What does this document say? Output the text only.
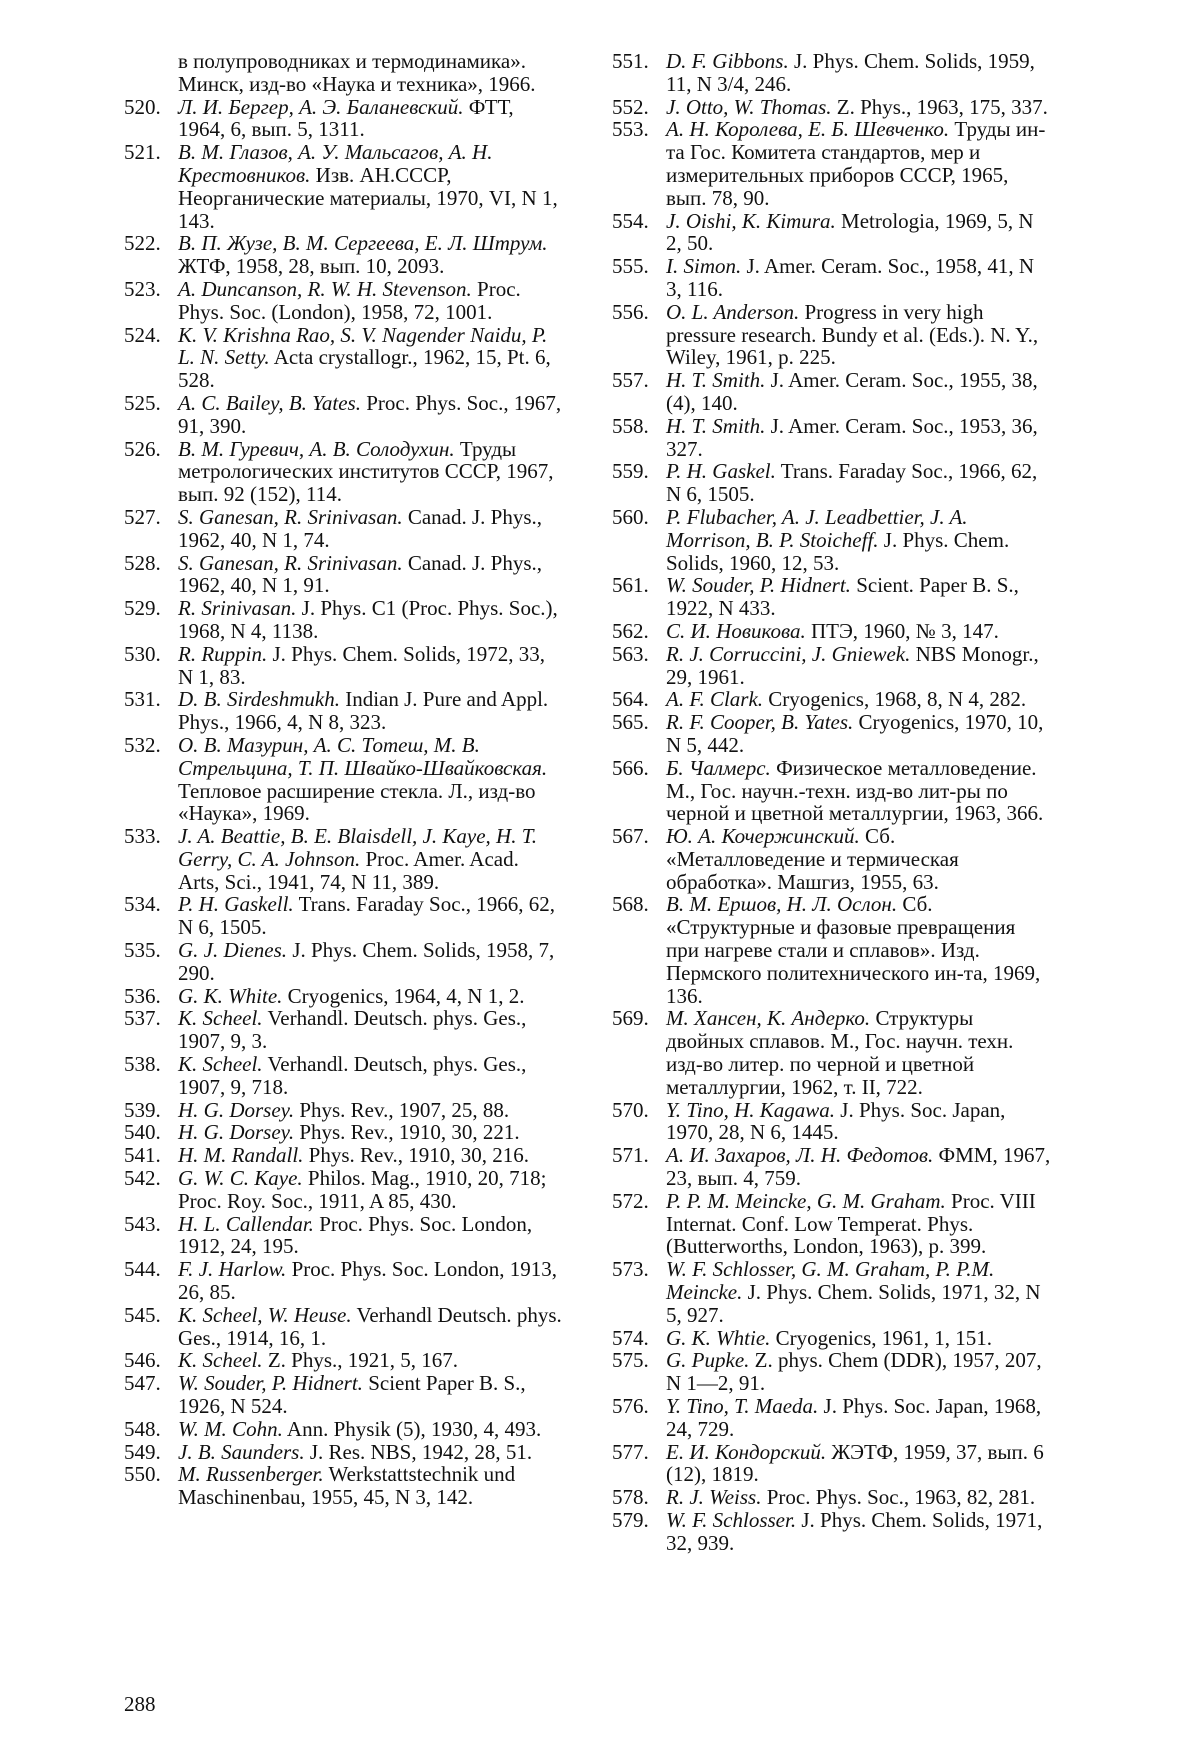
в полупроводниках и термодинамика». Минск, изд-во «Наука и техника», 1966.
520. Л. И. Бергер, А. Э. Баланевский. ФТТ, 1964, 6, вып. 5, 1311.
521. В. М. Глазов, А. У. Мальсагов, А. Н. Крестовников. Изв. АН.СССР, Неорганические материалы, 1970, VI, N 1, 143.
522. В. П. Жузе, В. М. Сергеева, Е. Л. Штрум. ЖТФ, 1958, 28, вып. 10, 2093.
523. A. Duncanson, R. W. H. Stevenson. Proc. Phys. Soc. (London), 1958, 72, 1001.
524. K. V. Krishna Rao, S. V. Nagender Naidu, P. L. N. Setty. Acta crystallogr., 1962, 15, Pt. 6, 528.
525. A. C. Bailey, B. Yates. Proc. Phys. Soc., 1967, 91, 390.
526. В. М. Гуревич, А. В. Солодухин. Труды метрологических институтов СССР, 1967, вып. 92 (152), 114.
527. S. Ganesan, R. Srinivasan. Canad. J. Phys., 1962, 40, N 1, 74.
528. S. Ganesan, R. Srinivasan. Canad. J. Phys., 1962, 40, N 1, 91.
529. R. Srinivasan. J. Phys. C1 (Proc. Phys. Soc.), 1968, N 4, 1138.
530. R. Ruppin. J. Phys. Chem. Solids, 1972, 33, N 1, 83.
531. D. B. Sirdeshmukh. Indian J. Pure and Appl. Phys., 1966, 4, N 8, 323.
532. О. В. Мазурин, А. С. Тотеш, М. В. Стрельцина, Т. П. Швайко-Швайковская. Тепловое расширение стекла. Л., изд-во «Наука», 1969.
533. J. A. Beattie, B. E. Blaisdell, J. Kaye, H. T. Gerry, C. A. Johnson. Proc. Amer. Acad. Arts, Sci., 1941, 74, N 11, 389.
534. P. H. Gaskell. Trans. Faraday Soc., 1966, 62, N 6, 1505.
535. G. J. Dienes. J. Phys. Chem. Solids, 1958, 7, 290.
536. G. K. White. Cryogenics, 1964, 4, N 1, 2.
537. K. Scheel. Verhandl. Deutsch. phys. Ges., 1907, 9, 3.
538. K. Scheel. Verhandl. Deutsch, phys. Ges., 1907, 9, 718.
539. H. G. Dorsey. Phys. Rev., 1907, 25, 88.
540. H. G. Dorsey. Phys. Rev., 1910, 30, 221.
541. H. M. Randall. Phys. Rev., 1910, 30, 216.
542. G. W. C. Kaye. Philos. Mag., 1910, 20, 718; Proc. Roy. Soc., 1911, A 85, 430.
543. H. L. Callendar. Proc. Phys. Soc. London, 1912, 24, 195.
544. F. J. Harlow. Proc. Phys. Soc. London, 1913, 26, 85.
545. K. Scheel, W. Heuse. Verhandl Deutsch. phys. Ges., 1914, 16, 1.
546. K. Scheel. Z. Phys., 1921, 5, 167.
547. W. Souder, P. Hidnert. Scient Paper B. S., 1926, N 524.
548. W. M. Cohn. Ann. Physik (5), 1930, 4, 493.
549. J. B. Saunders. J. Res. NBS, 1942, 28, 51.
550. M. Russenberger. Werkstattstechnik und Maschinenbau, 1955, 45, N 3, 142.
551. D. F. Gibbons. J. Phys. Chem. Solids, 1959, 11, N 3/4, 246.
552. J. Otto, W. Thomas. Z. Phys., 1963, 175, 337.
553. А. Н. Королева, Е. Б. Шевченко. Труды ин-та Гос. Комитета стандартов, мер и измерительных приборов СССР, 1965, вып. 78, 90.
554. J. Oishi, K. Kimura. Metrologia, 1969, 5, N 2, 50.
555. I. Simon. J. Amer. Ceram. Soc., 1958, 41, N 3, 116.
556. O. L. Anderson. Progress in very high pressure research. Bundy et al. (Eds.). N. Y., Wiley, 1961, p. 225.
557. H. T. Smith. J. Amer. Ceram. Soc., 1955, 38, (4), 140.
558. H. T. Smith. J. Amer. Ceram. Soc., 1953, 36, 327.
559. P. H. Gaskel. Trans. Faraday Soc., 1966, 62, N 6, 1505.
560. P. Flubacher, A. J. Leadbettier, J. A. Morrison, B. P. Stoicheff. J. Phys. Chem. Solids, 1960, 12, 53.
561. W. Souder, P. Hidnert. Scient. Paper B. S., 1922, N 433.
562. С. И. Новикова. ПТЭ, 1960, № 3, 147.
563. R. J. Corruccini, J. Gniewek. NBS Monogr., 29, 1961.
564. A. F. Clark. Cryogenics, 1968, 8, N 4, 282.
565. R. F. Cooper, B. Yates. Cryogenics, 1970, 10, N 5, 442.
566. Б. Чалмерс. Физическое металловедение. М., Гос. научн.-техн. изд-во лит-ры по черной и цветной металлургии, 1963, 366.
567. Ю. А. Кочержинский. Сб. «Металловедение и термическая обработка». Машгиз, 1955, 63.
568. В. М. Ершов, Н. Л. Ослон. Сб. «Структурные и фазовые превращения при нагреве стали и сплавов». Изд. Пермского политехнического ин-та, 1969, 136.
569. М. Хансен, К. Андерко. Структуры двойных сплавов. М., Гос. научн. техн. изд-во литер. по черной и цветной металлургии, 1962, т. II, 722.
570. Y. Tino, H. Kagawa. J. Phys. Soc. Japan, 1970, 28, N 6, 1445.
571. А. И. Захаров, Л. Н. Федотов. ФММ, 1967, 23, вып. 4, 759.
572. P. P. M. Meincke, G. M. Graham. Proc. VIII Internat. Conf. Low Temperat. Phys. (Butterworths, London, 1963), p. 399.
573. W. F. Schlosser, G. M. Graham, P. P.M. Meincke. J. Phys. Chem. Solids, 1971, 32, N 5, 927.
574. G. K. Whtie. Cryogenics, 1961, 1, 151.
575. G. Pupke. Z. phys. Chem (DDR), 1957, 207, N 1—2, 91.
576. Y. Tino, T. Maeda. J. Phys. Soc. Japan, 1968, 24, 729.
577. Е. И. Кондорский. ЖЭТФ, 1959, 37, вып. 6 (12), 1819.
578. R. J. Weiss. Proc. Phys. Soc., 1963, 82, 281.
579. W. F. Schlosser. J. Phys. Chem. Solids, 1971, 32, 939.
288
